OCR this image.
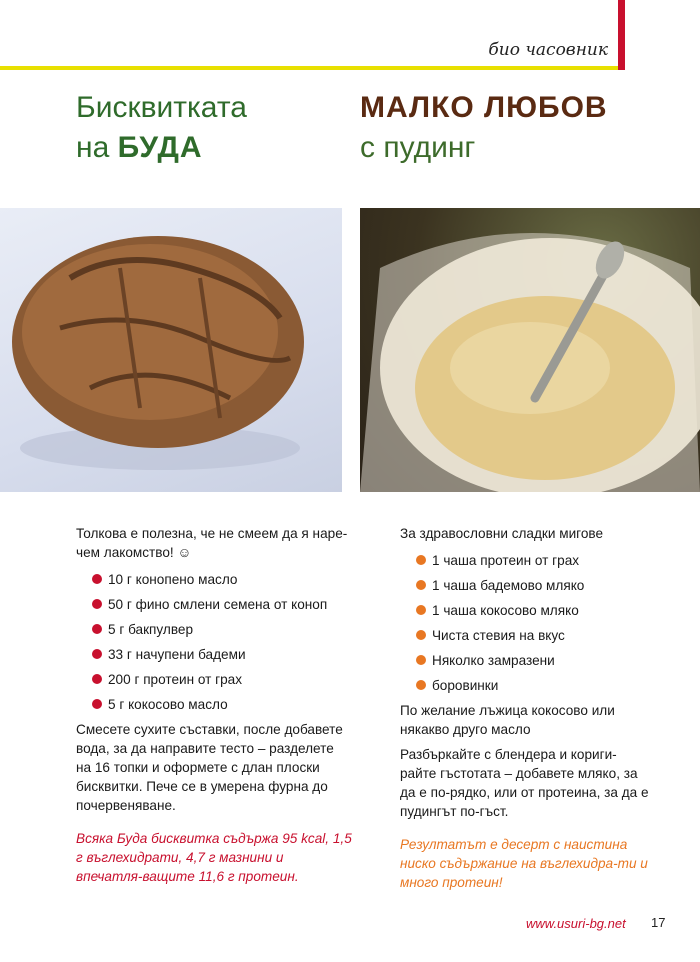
био часовник
Бисквитката
на БУДА
МАЛКО ЛЮБОВ
с пудинг

Толкова е полезна, че не смеем да я наре-чем лакомство! ☺

10 г конопено масло
50 г фино смлени семена от коноп
5 г бакпулвер
33 г начупени бадеми
200 г протеин от грах
5 г кокосово масло

Смесете сухите съставки, после добавете вода, за да направите тесто – разделете на 16 топки и оформете с длан плоски бисквитки. Пече се в умерена фурна до почервеняване.

Всяка Буда бисквитка съдържа 95 kcal, 1,5 г въглехидрати, 4,7 г мазнини и впечатля-ващите 11,6 г протеин.

За здравословни сладки мигове

1 чаша протеин от грах
1 чаша бадемово мляко
1 чаша кокосово мляко
Чиста стевия на вкус
Няколко замразени
боровинки

По желание лъжица кокосово или някакво друго масло

Разбъркайте с блендера и кориги-райте гъстотата – добавете мляко, за да е по-рядко, или от протеина, за да е пудингът по-гъст.

Резултатът е десерт с наистина ниско съдържание на въглехидра-ти и много протеин!

www.usuri-bg.net 17
